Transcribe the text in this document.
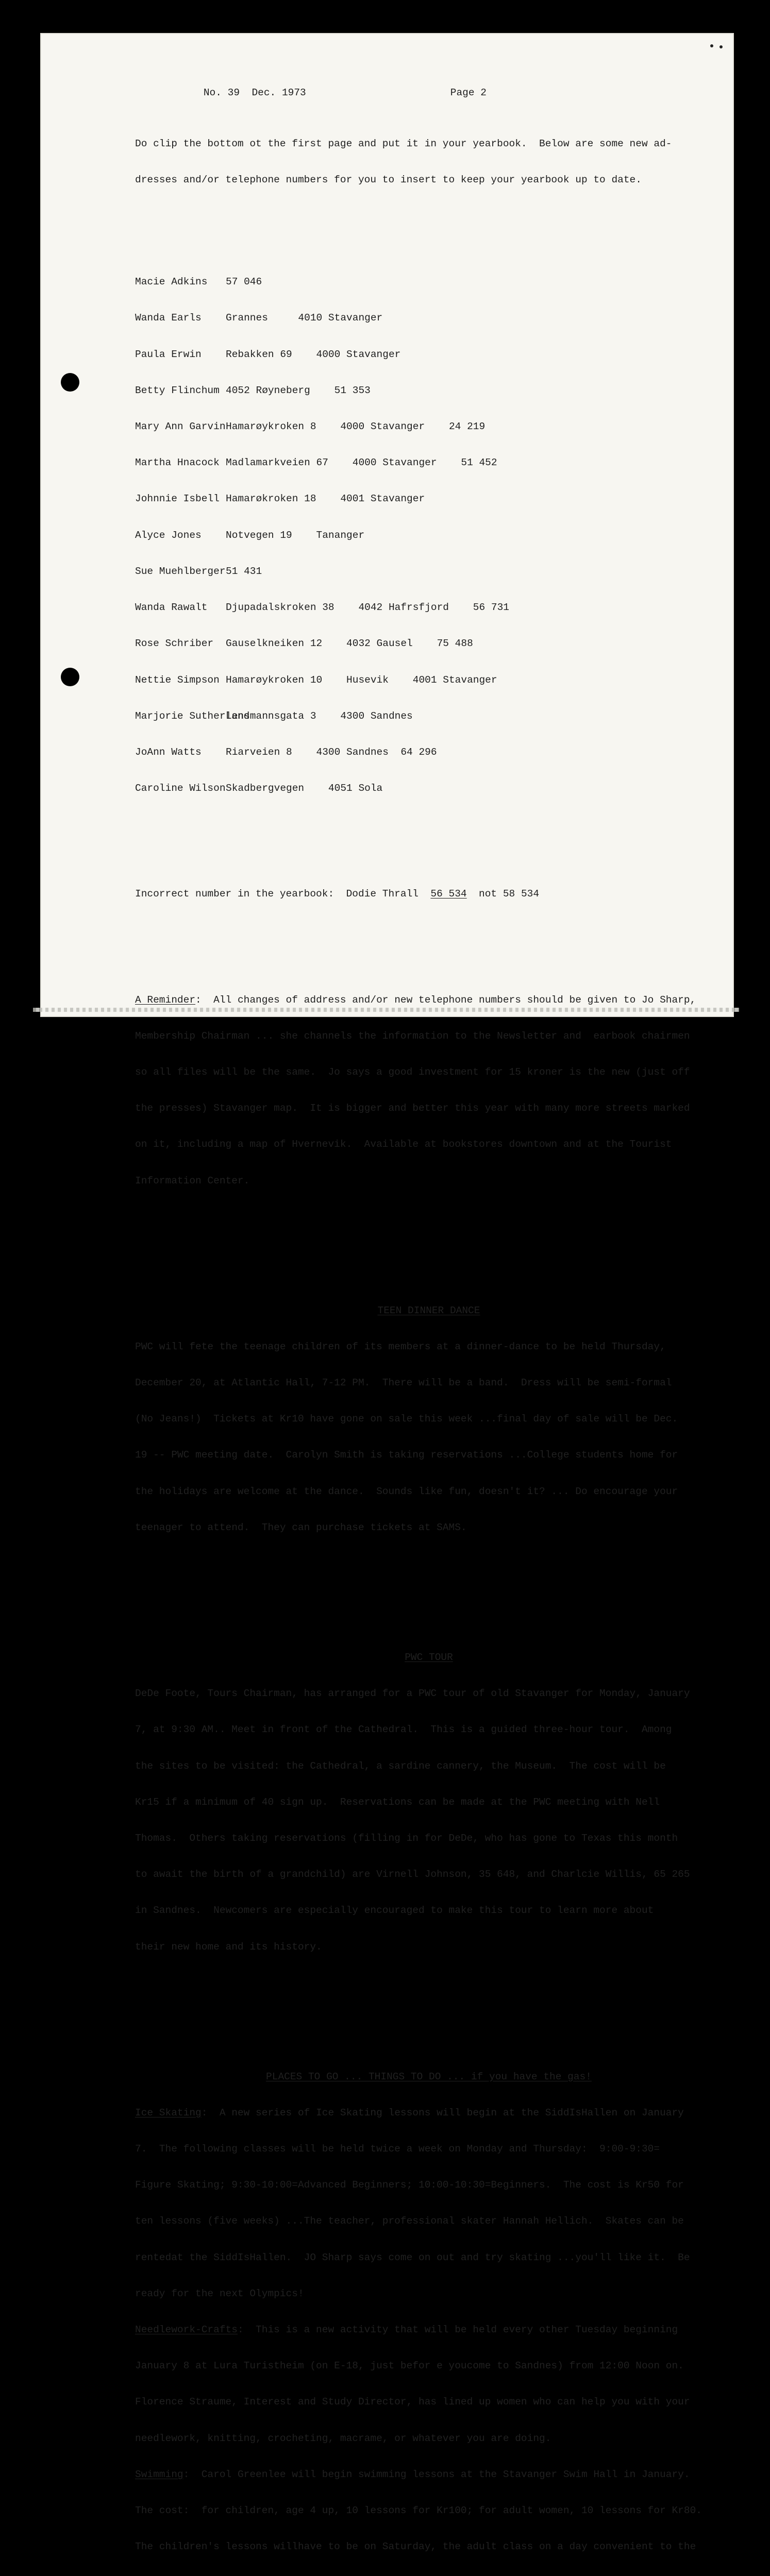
No. 39 Dec. 1973	Page 2

Do clip the bottom ot the first page and put it in your yearbook.  Below are some new ad-

dresses and/or telephone numbers for you to insert to keep your yearbook up to date.

Macie Adkins 57 046

Wanda Earls Grannes     4010 Stavanger

Paula Erwin Rebakken 69    4000 Stavanger

Betty Flinchum 4052 Røyneberg    51 353

Mary Ann GarvinHamarøykroken 8    4000 Stavanger    24 219

Martha Hnacock Madlamarkveien 67    4000 Stavanger    51 452

Johnnie Isbell Hamarøkroken 18    4001 Stavanger

Alyce Jones Notvegen 19    Tananger

Sue Muehlberger51 431

Wanda Rawalt Djupadalskroken 38    4042 Hafrsfjord    56 731

Rose Schriber Gauselkneiken 12    4032 Gausel    75 488

Nettie Simpson Hamarøykroken 10    Husevik    4001 Stavanger

Marjorie SutherlandLensmannsgata 3    4300 Sandnes

JoAnn Watts Riarveien 8    4300 Sandnes  64 296

Caroline WilsonSkadbergvegen    4051 Sola

Incorrect number in the yearbook:  Dodie Thrall  56 534  not 58 534

A Reminder:  All changes of address and/or new telephone numbers should be given to Jo Sharp,

Membership Chairman ... she channels the information to the Newsletter and  earbook chairmen

so all files will be the same.  Jo says a good investment for 15 kroner is the new (just off

the presses) Stavanger map.  It is bigger and better this year with many more streets marked

on it, including a map of Hvernevik.  Available at bookstores downtown and at the Tourist

Information Center.

TEEN DINNER DANCE

PWC will fete the teenage children of its members at a dinner-dance to be held Thursday,

December 20, at Atlantic Hall, 7-12 PM.  There will be a band.  Dress will be semi-formal

(No Jeans!)  Tickets at Kr10 have gone on sale this week ...final day of sale will be Dec.

19 -- PWC meeting date.  Carolyn Smith is taking reservations ...College students home for

the holidays are welcome at the dance.  Sounds like fun, doesn't it? ... Do encourage your

teenager to attend.  They can purchase tickets at SAMS.

PWC TOUR

DeDe Foote, Tours Chairman, has arranged for a PWC tour of old Stavanger for Monday, January

7, at 9:30 AM.. Meet in front of the Cathedral.  This is a guided three-hour tour.  Among

the sites to be visited: the Cathedral, a sardine cannery, the Museum.  The cost will be

Kr15 if a minimum of 40 sign up.  Reservations can be made at the PWC meeting with Nell

Thomas.  Others taking reservations (filling in for DeDe, who has gone to Texas this month

to await the birth of a grandchild) are Virnell Johnson, 35 648, and Charlcie Willis, 65 265

in Sandnes.  Newcomers are especially encouraged to make this tour to learn more about

their new home and its history.

PLACES TO GO ... THINGS TO DO ... if you have the gas!

Ice Skating:  A new series of Ice Skating lessons will begin at the SiddIsHallen on January

7.  The following classes will be held twice a week on Monday and Thursday:  9:00-9:30=

Figure Skating; 9:30-10:00=Advanced Beginners; 10:00-10:30=Beginners.  The cost is Kr50 for

ten lessons (five weeks) ...The teacher, professional skater Hannah Hellich.  Skates can be

rentedat the SiddIsHallen.  JO Sharp says come on out and try skating ...you'll like it.  Be

ready for the next Olympics!

Needlework-Crafts:  This is a new activity that will be held every other Tuesday beginning

January 8 at Lura Turistheim (on E-18, just befor e youcome to Sandnes) from 12:00 Noon on.

Florence Straume, Interest and Study Director, has lined up women who can help you with your

needlework, knitting, crocheting, macrame, or whatever you are doing.

Swimming:  Carol Greenlee will begin swimming lessons at the Stavanger Swim Hall in January.

The cost:  for children, age 4 up, 10 lessons for Kr100; for adult women, 10 lessons for Kr80.

The children's lessons willhave to be on Saturday, the adult class on a day convenient to the
